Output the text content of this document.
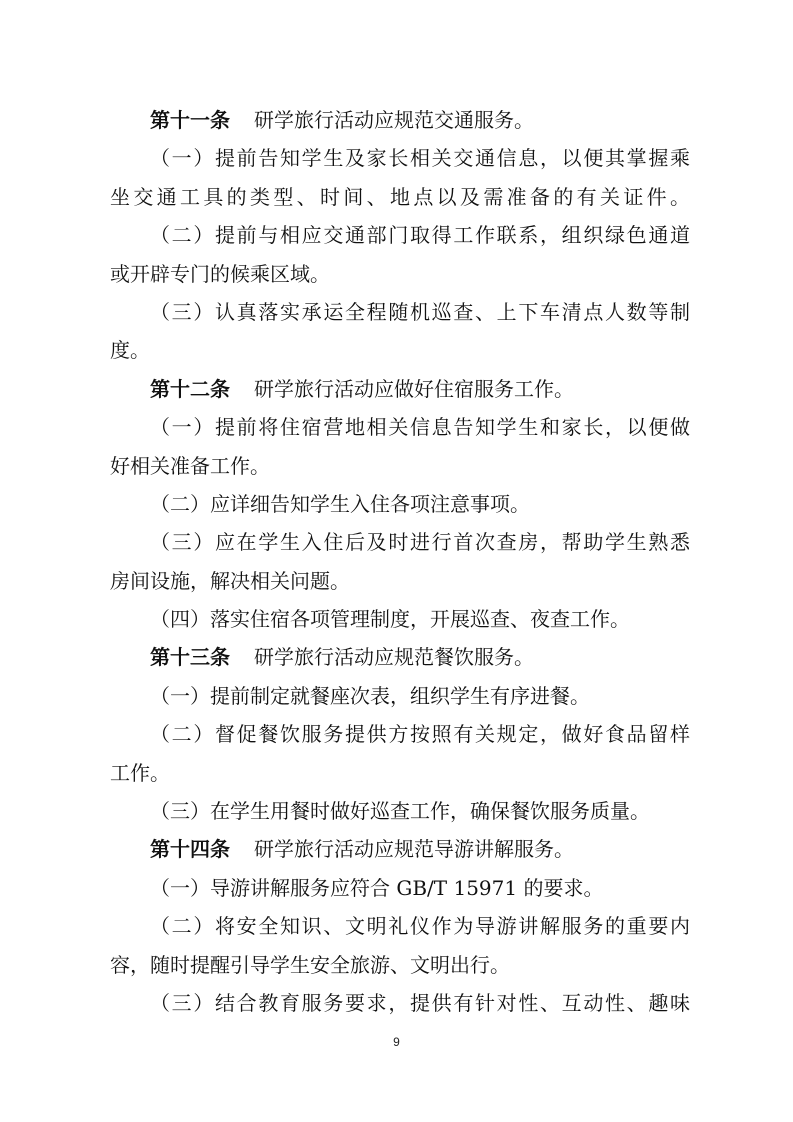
第十一条 研学旅行活动应规范交通服务。
（一）提前告知学生及家长相关交通信息，以便其掌握乘
坐交通工具的类型、时间、地点以及需准备的有关证件。
（二）提前与相应交通部门取得工作联系，组织绿色通道
或开辟专门的候乘区域。
（三）认真落实承运全程随机巡查、上下车清点人数等制
度。
第十二条 研学旅行活动应做好住宿服务工作。
（一）提前将住宿营地相关信息告知学生和家长，以便做
好相关准备工作。
（二）应详细告知学生入住各项注意事项。
（三）应在学生入住后及时进行首次查房，帮助学生熟悉
房间设施，解决相关问题。
（四）落实住宿各项管理制度，开展巡查、夜查工作。
第十三条 研学旅行活动应规范餐饮服务。
（一）提前制定就餐座次表，组织学生有序进餐。
（二）督促餐饮服务提供方按照有关规定，做好食品留样
工作。
（三）在学生用餐时做好巡查工作，确保餐饮服务质量。
第十四条 研学旅行活动应规范导游讲解服务。
（一）导游讲解服务应符合 GB/T 15971 的要求。
（二）将安全知识、文明礼仪作为导游讲解服务的重要内
容，随时提醒引导学生安全旅游、文明出行。
（三）结合教育服务要求，提供有针对性、互动性、趣味
9
